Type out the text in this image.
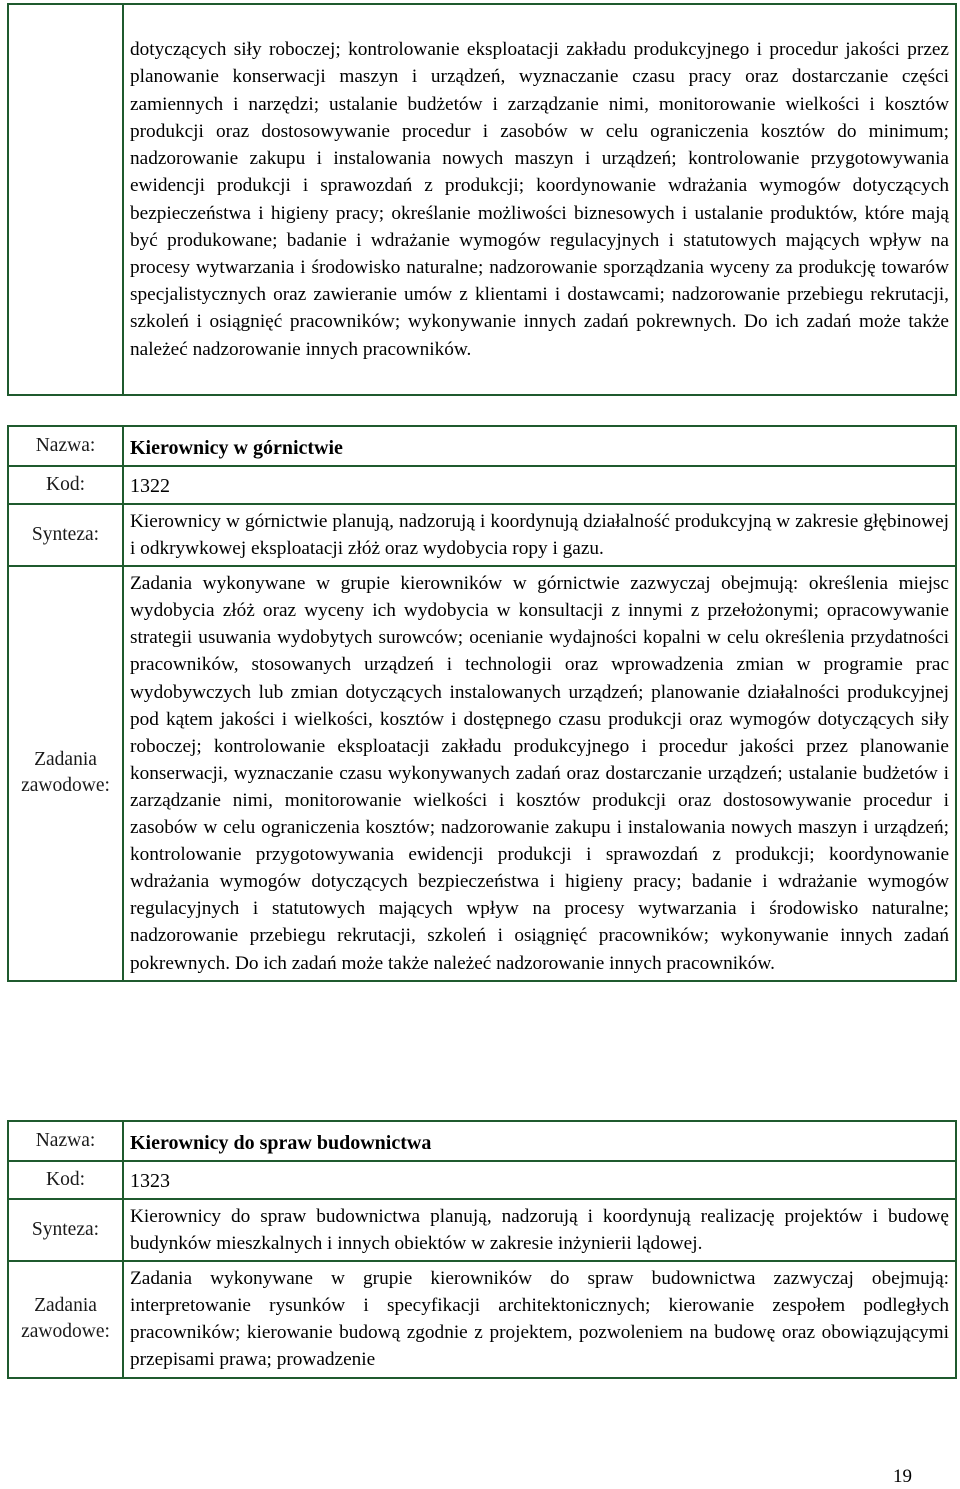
	dotyczących siły roboczej; kontrolowanie eksploatacji zakładu produkcyjnego i procedur jakości przez planowanie konserwacji maszyn i urządzeń, wyznaczanie czasu pracy oraz dostarczanie części zamiennych i narzędzi; ustalanie budżetów i zarządzanie nimi, monitorowanie wielkości i kosztów produkcji oraz dostosowywanie procedur i zasobów w celu ograniczenia kosztów do minimum; nadzorowanie zakupu i instalowania nowych maszyn i urządzeń; kontrolowanie przygotowywania ewidencji produkcji i sprawozdań z produkcji; koordynowanie wdrażania wymogów dotyczących bezpieczeństwa i higieny pracy; określanie możliwości biznesowych i ustalanie produktów, które mają być produkowane; badanie i wdrażanie wymogów regulacyjnych i statutowych mających wpływ na procesy wytwarzania i środowisko naturalne; nadzorowanie sporządzania wyceny za produkcję towarów specjalistycznych oraz zawieranie umów z klientami i dostawcami; nadzorowanie przebiegu rekrutacji, szkoleń i osiągnięć pracowników; wykonywanie innych zadań pokrewnych. Do ich zadań może także należeć nadzorowanie innych pracowników.
Nazwa:	Kierownicy w górnictwie
Kod:	1322
Synteza:	Kierownicy w górnictwie planują, nadzorują i koordynują działalność produkcyjną w zakresie głębinowej i odkrywkowej eksploatacji złóż oraz wydobycia ropy i gazu.
Zadania
zawodowe:	Zadania wykonywane w grupie kierowników w górnictwie zazwyczaj obejmują: określenia miejsc wydobycia złóż oraz wyceny ich wydobycia w konsultacji z innymi z przełożonymi; opracowywanie strategii usuwania wydobytych surowców; ocenianie wydajności kopalni w celu określenia przydatności pracowników, stosowanych urządzeń i technologii oraz wprowadzenia zmian w programie prac wydobywczych lub zmian dotyczących instalowanych urządzeń; planowanie działalności produkcyjnej pod kątem jakości i wielkości, kosztów i dostępnego czasu produkcji oraz wymogów dotyczących siły roboczej; kontrolowanie eksploatacji zakładu produkcyjnego i procedur jakości przez planowanie konserwacji, wyznaczanie czasu wykonywanych zadań oraz dostarczanie urządzeń; ustalanie budżetów i zarządzanie nimi, monitorowanie wielkości i kosztów produkcji oraz dostosowywanie procedur i zasobów w celu ograniczenia kosztów; nadzorowanie zakupu i instalowania nowych maszyn i urządzeń; kontrolowanie przygotowywania ewidencji produkcji i sprawozdań z produkcji; koordynowanie wdrażania wymogów dotyczących bezpieczeństwa i higieny pracy; badanie i wdrażanie wymogów regulacyjnych i statutowych mających wpływ na procesy wytwarzania i środowisko naturalne; nadzorowanie przebiegu rekrutacji, szkoleń i osiągnięć pracowników; wykonywanie innych zadań pokrewnych. Do ich zadań może także należeć nadzorowanie innych pracowników.
Nazwa:	Kierownicy do spraw budownictwa
Kod:	1323
Synteza:	Kierownicy do spraw budownictwa planują, nadzorują i koordynują realizację projektów i budowę budynków mieszkalnych i innych obiektów w zakresie inżynierii lądowej.
Zadania
zawodowe:	Zadania wykonywane w grupie kierowników do spraw budownictwa zazwyczaj obejmują: interpretowanie rysunków i specyfikacji architektonicznych; kierowanie zespołem podległych pracowników; kierowanie budową zgodnie z projektem, pozwoleniem na budowę oraz obowiązującymi przepisami prawa; prowadzenie
19
